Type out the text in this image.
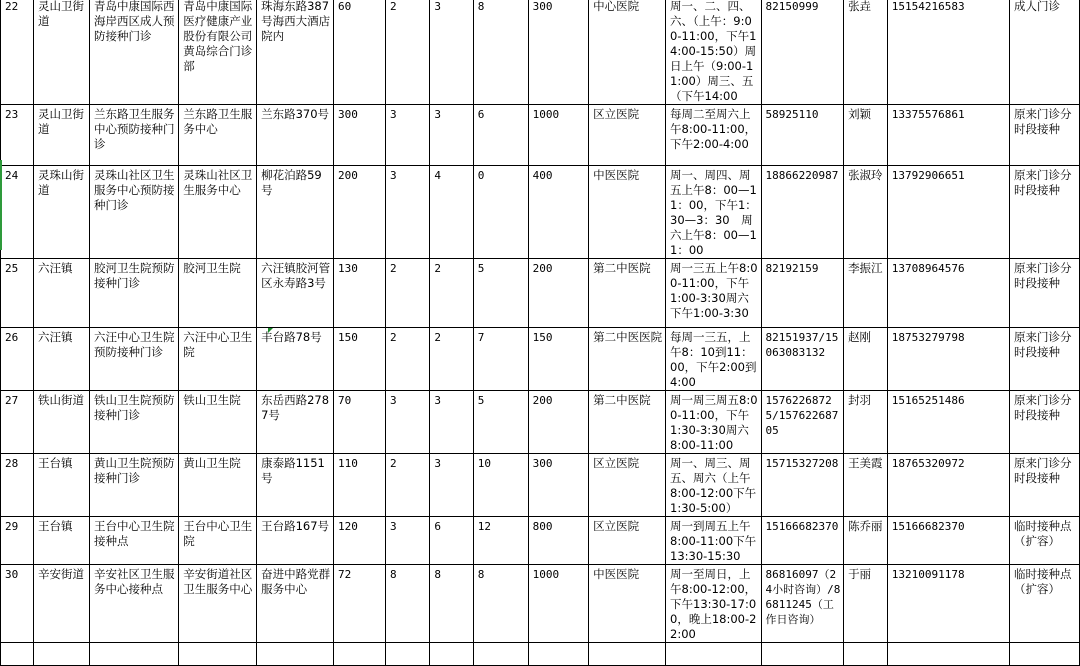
22	灵山卫街道	青岛中康国际西海岸西区成人预防接种门诊	青岛中康国际医疗健康产业股份有限公司黄岛综合门诊部	珠海东路387号海西大酒店院内	60	2	3	8	300	中心医院	周一、二、四、六、（上午：9:00-11:00，下午14:00-15:50）周日上午（9:00-11:00）周三、五（下午14:00	82150999	张垚	15154216583	成人门诊
23	灵山卫街道	兰东路卫生服务中心预防接种门诊	兰东路卫生服务中心	兰东路370号	300	3	3	6	1000	区立医院	每周二至周六上午8:00-11:00，下午2:00-4:00	58925110	刘颖	13375576861	原来门诊分时段接种
24	灵珠山街道	灵珠山社区卫生服务中心预防接种门诊	灵珠山社区卫生服务中心	柳花泊路59号	200	3	4	0	400	中医医院	周一、周四、周五上午8：00—11：00，下午1：30—3：30　周六上午8：00—11：00	18866220987	张淑玲	13792906651	原来门诊分时段接种
25	六汪镇	胶河卫生院预防接种门诊	胶河卫生院	六汪镇胶河管区永寿路3号	130	2	2	5	200	第二中医院	周一三五上午8:00-11:00，下午1:00-3:30周六下午1:00-3:30	82192159	李振江	13708964576	原来门诊分时段接种
26	六汪镇	六汪中心卫生院预防接种门诊	六汪中心卫生院	丰台路78号	150	2	2	7	150	第二中医医院	每周一三五，上午8：10到11：00，下午2:00到4:00	82151937/15063083132	赵刚	18753279798	原来门诊分时段接种
27	铁山街道	铁山卫生院预防接种门诊	铁山卫生院	东岳西路2787号	70	3	3	5	200	第二中医院	周一周三周五8:00-11:00，下午1:30-3:30周六8:00-11:00	15762268725/15762268705	封羽	15165251486	原来门诊分时段接种
28	王台镇	黄山卫生院预防接种门诊	黄山卫生院	康泰路1151号	110	2	3	10	300	区立医院	周一、周三、周五、周六（上午8:00-12:00下午1:30-5:00）	15715327208	王美霞	18765320972	原来门诊分时段接种
29	王台镇	王台中心卫生院接种点	王台中心卫生院	王台路167号	120	3	6	12	800	区立医院	周一到周五上午8:00-11:00下午13:30-15:30	15166682370	陈乔丽	15166682370	临时接种点（扩容）
30	辛安街道	辛安社区卫生服务中心接种点	辛安街道社区卫生服务中心	奋进中路党群服务中心	72	8	8	8	1000	中医医院	周一至周日，上午8:00-12:00，下午13:30-17:00，晚上18:00-22:00	86816097（24小时咨询）/86811245（工作日咨询）	于丽	13210091178	临时接种点（扩容）
